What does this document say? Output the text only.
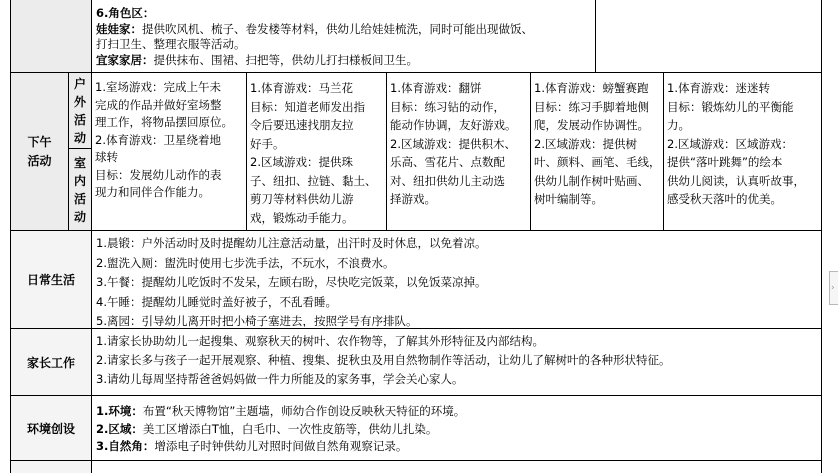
6.角色区：
娃娃家：提供吹风机、梳子、卷发楼等材料，供幼儿给娃娃梳洗，同时可能出现做饭、
打扫卫生、整理衣服等活动。
宜家家居：提供抹布、围裙、扫把等，供幼儿打扫様板间卫生。
下午活动
户外活动
室内活动
1.室场游戏：完成上午未
完成的作品并做好室场整
理工作，将物品摆回原位。
2.体育游戏：卫星绕着地
球转
目标：发展幼儿动作的表
现力和同伴合作能力。
1.体育游戏：马兰花
目标：知道老师发出指
令后要迅速找朋友拉
好手。
2.区域游戏：提供珠
子、纽扣、拉链、黏土、
剪刀等材料供幼儿游
戏，锻炼动手能力。
1.体育游戏：翻饼
目标：练习钻的动作，
能动作协调，友好游戏。
2.区域游戏：提供积木、
乐高、雪花片、点数配
对、纽扣供幼儿主动选
择游戏。
1.体育游戏：螃蟹赛跑
目标：练习手脚着地侧
爬，发展动作协调性。
2.区域游戏：提供树
叶、颜料、画笔、毛线，
供幼儿制作树叶贴画、
树叶编制等。
1.体育游戏：迷迷转
目标：锻炼幼儿的平衡能
力。
2.区域游戏：区域游戏：
提供“落叶跳舞”的绘本
供幼儿阅读，认真听故事，
感受秋天落叶的优美。
日常生活
1.晨锻：户外活动时及时提醒幼儿注意活动量，出汗时及时休息，以免着凉。
2.盥洗入厕：盥洗时使用七步洗手法，不玩水，不浪费水。
3.午餐：提醒幼儿吃饭时不发呆，左顾右盼，尽快吃完饭菜，以免饭菜凉掉。
4.午睡：提醒幼儿睡觉时盖好被子，不乱看睡。
5.离园：引导幼儿离开时把小椅子塞进去，按照学号有序排队。
家长工作
1.请家长协助幼儿一起搜集、观察秋天的树叶、农作物等，了解其外形特征及内部结构。
2.请家长多与孩子一起开展观察、种植、搜集、捉秋虫及用自然物制作等活动，让幼儿了解树叶的各种形状特征。
3.请幼儿每周坚持帮爸爸妈妈做一件力所能及的家务事，学会关心家人。
环境创设
1.环境：布置“秋天博物馆”主题墙，师幼合作创设反映秋天特征的环境。
2.区域：美工区增添白T恤，白毛巾、一次性皮筋等，供幼儿扎染。
3.自然角：增添电子时钟供幼儿对照时间做自然角观察记录。
›
